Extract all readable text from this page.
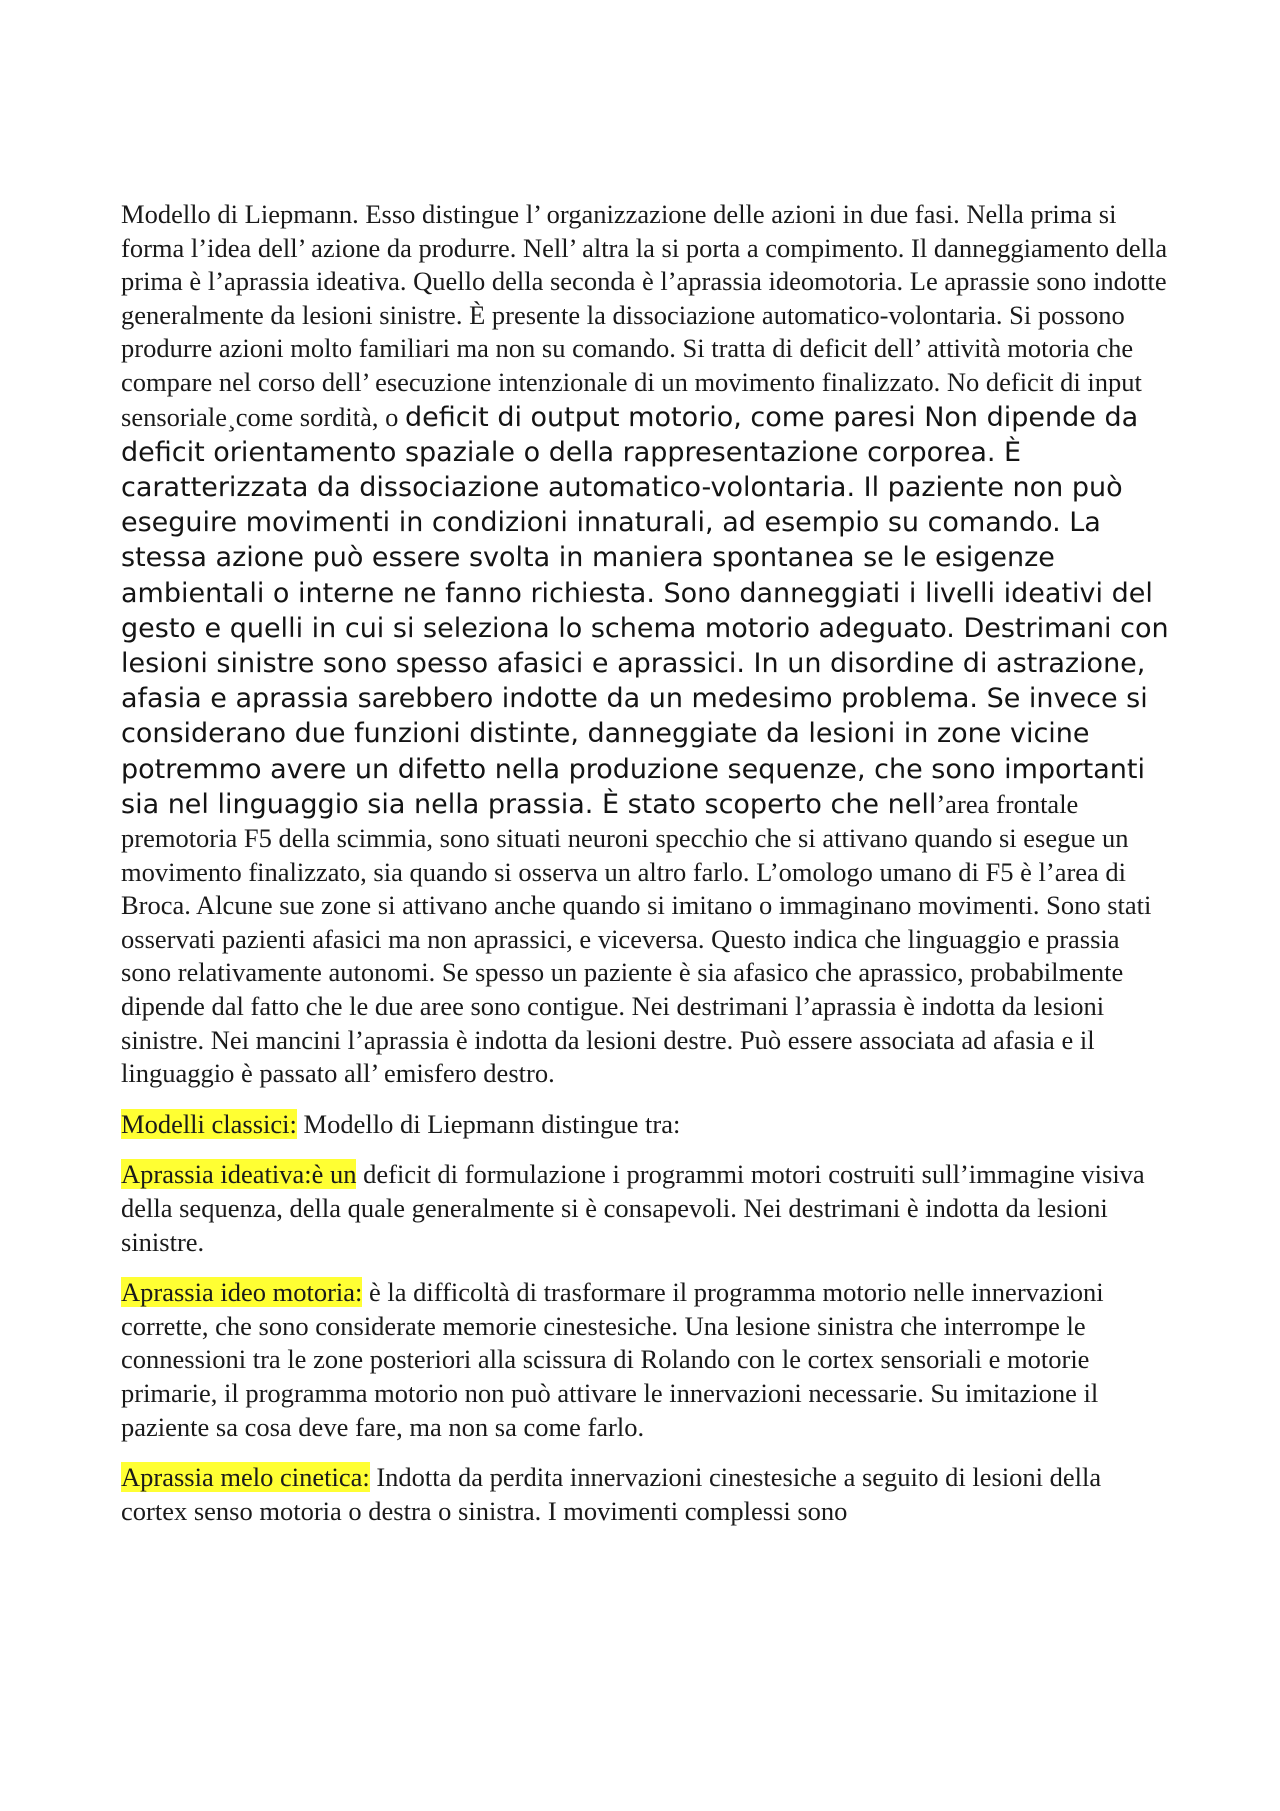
Modello di Liepmann. Esso distingue l’ organizzazione delle azioni in due fasi. Nella prima si forma l’idea dell’ azione da produrre. Nell’ altra la si porta a compimento. Il danneggiamento della prima è l’aprassia ideativa. Quello della seconda è l’aprassia ideomotoria. Le aprassie sono indotte generalmente da lesioni sinistre. È presente la dissociazione automatico-volontaria. Si possono produrre azioni molto familiari ma non su comando. Si tratta di deficit dell’ attività motoria che compare nel corso dell’ esecuzione intenzionale di un movimento finalizzato. No deficit di input sensoriale¸come sordità, o deficit di output motorio, come paresi Non dipende da deficit orientamento spaziale o della rappresentazione corporea. È caratterizzata da dissociazione automatico-volontaria. Il paziente non può eseguire movimenti in condizioni innaturali, ad esempio su comando. La stessa azione può essere svolta in maniera spontanea se le esigenze ambientali o interne ne fanno richiesta. Sono danneggiati i livelli ideativi del gesto e quelli in cui si seleziona lo schema motorio adeguato. Destrimani con lesioni sinistre sono spesso afasici e aprassici. In un disordine di astrazione, afasia e aprassia sarebbero indotte da un medesimo problema. Se invece si considerano due funzioni distinte, danneggiate da lesioni in zone vicine potremmo avere un difetto nella produzione sequenze, che sono importanti sia nel linguaggio sia nella prassia. È stato scoperto che nell’area frontale premotoria F5 della scimmia, sono situati neuroni specchio che si attivano quando si esegue un movimento finalizzato, sia quando si osserva un altro farlo. L’omologo umano di F5 è l’area di Broca. Alcune sue zone si attivano anche quando si imitano o immaginano movimenti. Sono stati osservati pazienti afasici ma non aprassici, e viceversa. Questo indica che linguaggio e prassia sono relativamente autonomi. Se spesso un paziente è sia afasico che aprassico, probabilmente dipende dal fatto che le due aree sono contigue. Nei destrimani l’aprassia è indotta da lesioni sinistre. Nei mancini l’aprassia è indotta da lesioni destre. Può essere associata ad afasia e il linguaggio è passato all’ emisfero destro.

Modelli classici: Modello di Liepmann distingue tra:

Aprassia ideativa:è un deficit di formulazione i programmi motori costruiti sull’immagine visiva della sequenza, della quale generalmente si è consapevoli. Nei destrimani è indotta da lesioni sinistre.

Aprassia ideo motoria: è la difficoltà di trasformare il programma motorio nelle innervazioni corrette, che sono considerate memorie cinestesiche. Una lesione sinistra che interrompe le connessioni tra le zone posteriori alla scissura di Rolando con le cortex sensoriali e motorie primarie, il programma motorio non può attivare le innervazioni necessarie. Su imitazione il paziente sa cosa deve fare, ma non sa come farlo.

Aprassia melo cinetica: Indotta da perdita innervazioni cinestesiche a seguito di lesioni della cortex senso motoria o destra o sinistra. I movimenti complessi sono
